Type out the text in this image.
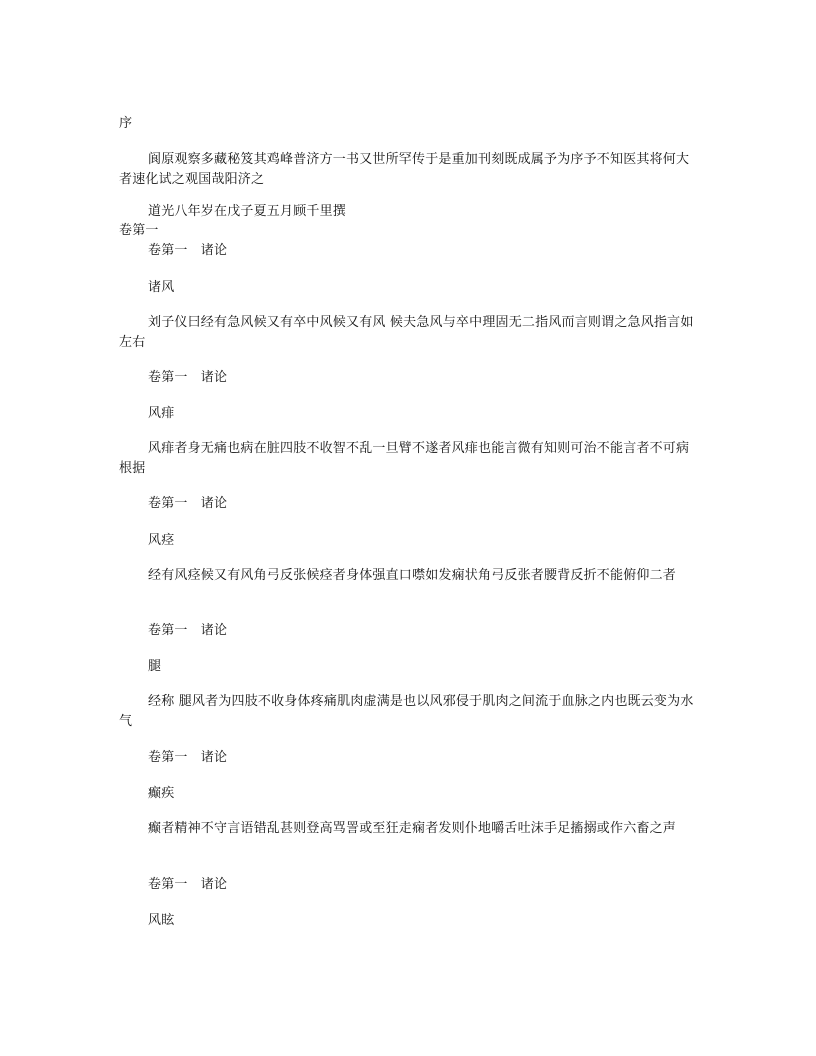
序
阆原观察多藏秘笈其鸡峰普济方一书又世所罕传于是重加刊刻既成属予为序予不知医其将何大者速化试之观国哉阳济之
道光八年岁在戊子夏五月顾千里撰
卷第一
卷第一　诸论
诸风
刘子仪曰经有急风候又有卒中风候又有风 候夫急风与卒中理固无二指风而言则谓之急风指言如左右
卷第一　诸论
风痱
风痱者身无痛也病在脏四肢不收智不乱一旦臂不遂者风痱也能言微有知则可治不能言者不可病根据
卷第一　诸论
风痉
经有风痉候又有风角弓反张候痉者身体强直口噤如发痫状角弓反张者腰背反折不能俯仰二者
卷第一　诸论
腿
经称 腿风者为四肢不收身体疼痛肌肉虚满是也以风邪侵于肌肉之间流于血脉之内也既云变为水气
卷第一　诸论
癫疾
癫者精神不守言语错乱甚则登高骂詈或至狂走痫者发则仆地嚼舌吐沫手足搐搦或作六畜之声
卷第一　诸论
风眩
